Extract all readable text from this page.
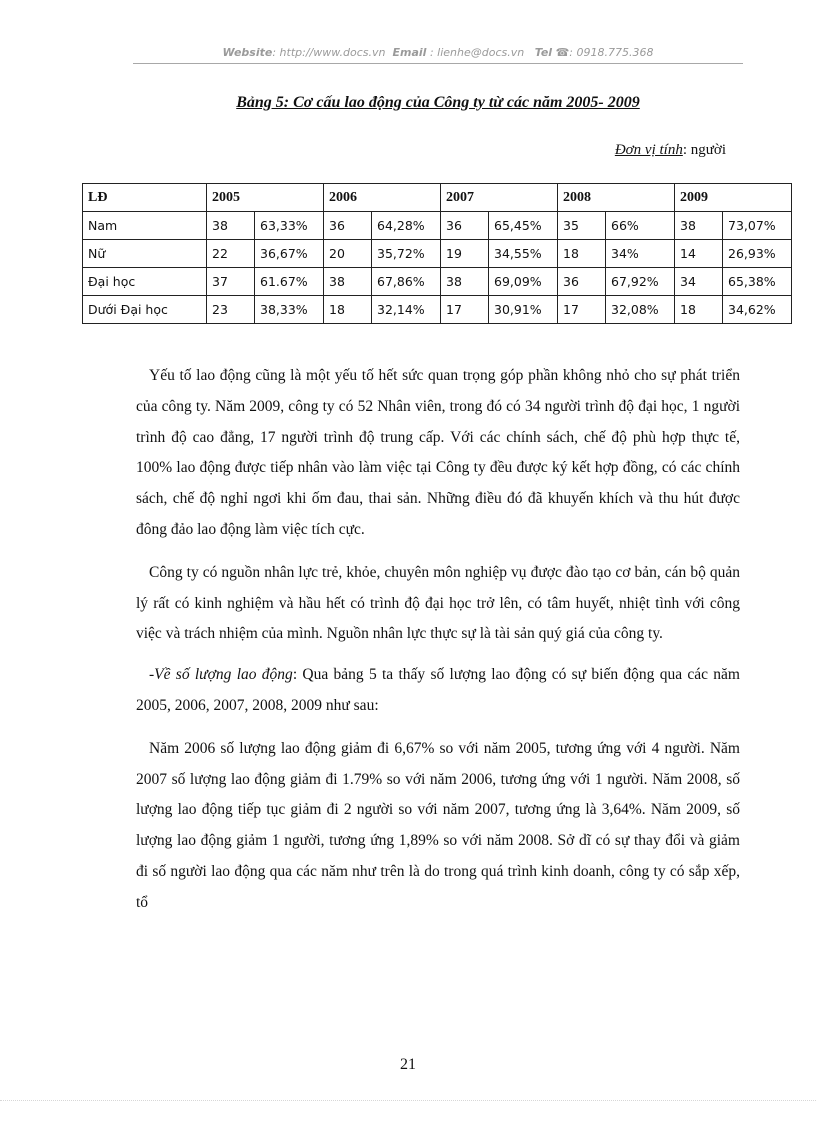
Website: http://www.docs.vn Email : lienhe@docs.vn Tel ☎: 0918.775.368
Bảng 5: Cơ cấu lao động của Công ty từ các năm 2005- 2009
Đơn vị tính: người
LĐ	2005		2006		2007		2008		2009	
Nam	38	63,33%	36	64,28%	36	65,45%	35	66%	38	73,07%
Nữ	22	36,67%	20	35,72%	19	34,55%	18	34%	14	26,93%
Đại học	37	61.67%	38	67,86%	38	69,09%	36	67,92%	34	65,38%
Dưới Đại học	23	38,33%	18	32,14%	17	30,91%	17	32,08%	18	34,62%

Yếu tố lao động cũng là một yếu tố hết sức quan trọng góp phần không nhỏ cho sự phát triển của công ty. Năm 2009, công ty có 52 Nhân viên, trong đó có 34 người trình độ đại học, 1 người trình độ cao đẳng, 17 người trình độ trung cấp. Với các chính sách, chế độ phù hợp thực tế, 100% lao động được tiếp nhân vào làm việc tại Công ty đều được ký kết hợp đồng, có các chính sách, chế độ nghỉ ngơi khi ốm đau, thai sản. Những điều đó đã khuyến khích và thu hút được đông đảo lao động làm việc tích cực.

Công ty có nguồn nhân lực trẻ, khỏe, chuyên môn nghiệp vụ được đào tạo cơ bản, cán bộ quản lý rất có kinh nghiệm và hầu hết có trình độ đại học trở lên, có tâm huyết, nhiệt tình với công việc và trách nhiệm của mình. Nguồn nhân lực thực sự là tài sản quý giá của công ty.

-Về số lượng lao động: Qua bảng 5 ta thấy số lượng lao động có sự biến động qua các năm 2005, 2006, 2007, 2008, 2009 như sau:

Năm 2006 số lượng lao động giảm đi 6,67% so với năm 2005, tương ứng với 4 người. Năm 2007 số lượng lao động giảm đi 1.79% so với năm 2006, tương ứng với 1 người. Năm 2008, số lượng lao động tiếp tục giảm đi 2 người so với năm 2007, tương ứng là 3,64%. Năm 2009, số lượng lao động giảm 1 người, tương ứng 1,89% so với năm 2008. Sở dĩ có sự thay đổi và giảm đi số người lao động qua các năm như trên là do trong quá trình kinh doanh, công ty có sắp xếp, tổ

21
